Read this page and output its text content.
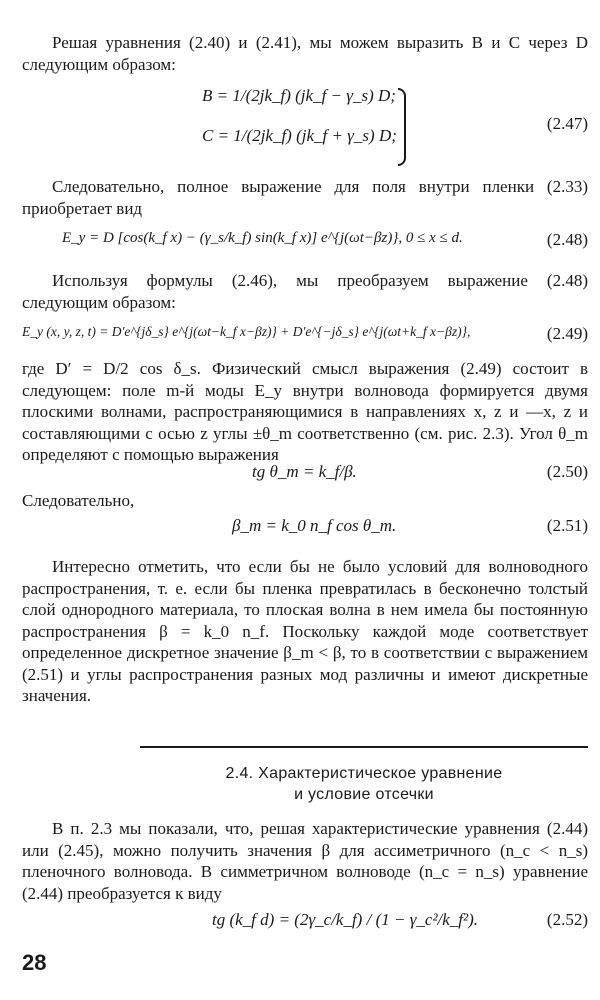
Решая уравнения (2.40) и (2.41), мы можем выразить B и C через D следующим образом:

B = 1/(2jk_f) (jk_f − γ_s) D;
C = 1/(2jk_f) (jk_f + γ_s) D;
(2.47)

Следовательно, полное выражение для поля внутри пленки (2.33) приобретает вид

E_y = D [cos(k_f x) − (γ_s/k_f) sin(k_f x)] e^{j(ωt−βz)}, 0 ≤ x ≤ d.	(2.48)

Используя формулы (2.46), мы преобразуем выражение (2.48) следующим образом:

E_y (x, y, z, t) = D′e^{jδ_s} e^{j(ωt−k_f x−βz)} + D′e^{−jδ_s} e^{j(ωt+k_f x−βz)},	(2.49)

где D′ = D/2 cos δ_s. Физический смысл выражения (2.49) состоит в следующем: поле m-й моды E_y внутри волновода формируется двумя плоскими волнами, распространяющимися в направлениях x, z и —x, z и составляющими с осью z углы ±θ_m соответственно (см. рис. 2.3). Угол θ_m определяют с помощью выражения

tg θ_m = k_f/β.	(2.50)

Следовательно,

β_m = k_0 n_f cos θ_m.	(2.51)

Интересно отметить, что если бы не было условий для волноводного распространения, т. е. если бы пленка превратилась в бесконечно толстый слой однородного материала, то плоская волна в нем имела бы постоянную распространения β = k_0 n_f. Поскольку каждой моде соответствует определенное дискретное значение β_m < β, то в соответствии с выражением (2.51) и углы распространения разных мод различны и имеют дискретные значения.

2.4. Характеристическое уравнение
и условие отсечки

В п. 2.3 мы показали, что, решая характеристические уравнения (2.44) или (2.45), можно получить значения β для ассиметричного (n_c < n_s) пленочного волновода. В симметричном волноводе (n_c = n_s) уравнение (2.44) преобразуется к виду

tg (k_f d) = (2γ_c/k_f) / (1 − γ_c²/k_f²).	(2.52)
28
